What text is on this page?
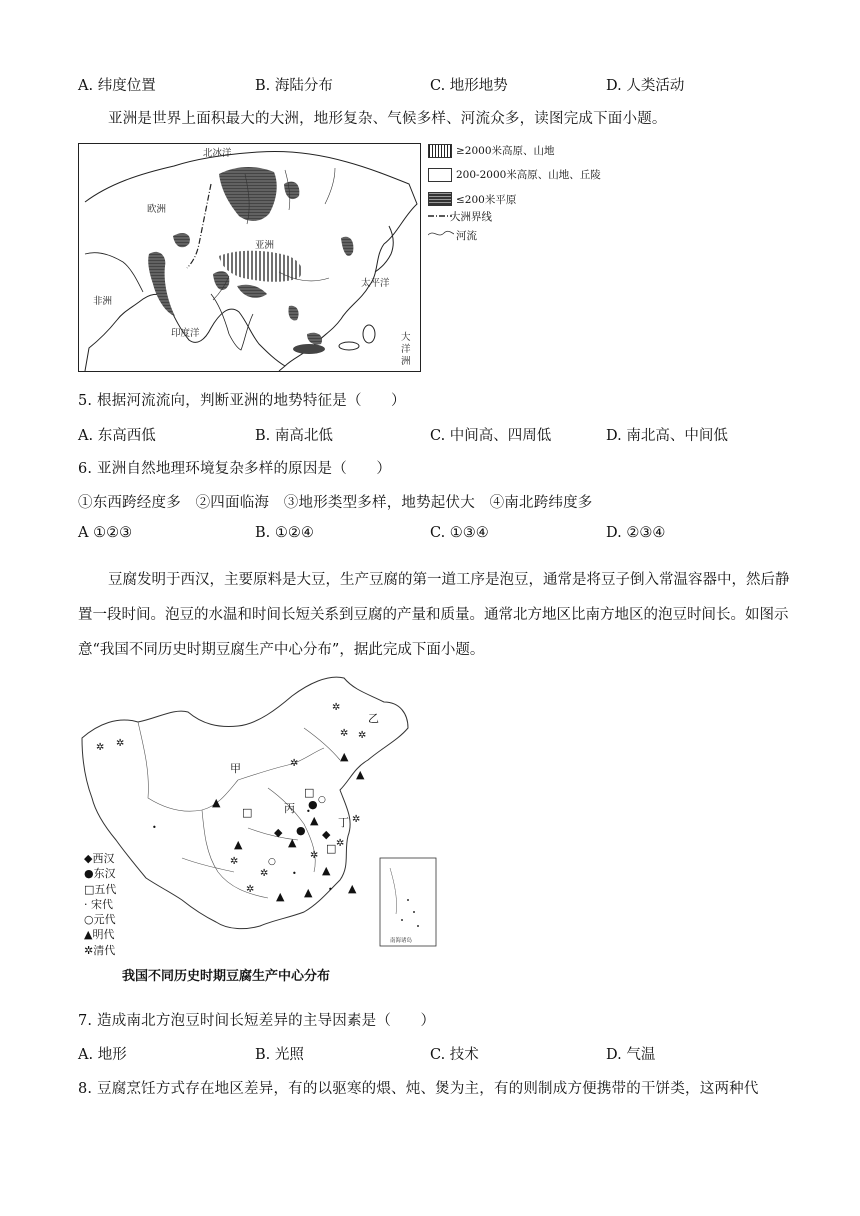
A. 纬度位置	B. 海陆分布	C. 地形地势	D. 人类活动
亚洲是世界上面积最大的大洲，地形复杂、气候多样、河流众多，读图完成下面小题。
北冰洋
欧洲
亚洲
非洲
印度洋
太平洋
大
洋
洲
≥2000米高原、山地
200-2000米高原、山地、丘陵
≤200米平原
大洲界线
河流
5. 根据河流流向，判断亚洲的地势特征是（　　）
A. 东高西低	B. 南高北低	C. 中间高、四周低	D. 南北高、中间低
6. 亚洲自然地理环境复杂多样的原因是（　　）
①东西跨经度多　②四面临海　③地形类型多样，地势起伏大　④南北跨纬度多
A ①②③	B. ①②④	C. ①③④	D. ②③④
豆腐发明于西汉，主要原料是大豆，生产豆腐的第一道工序是泡豆，通常是将豆子倒入常温容器中，然后静置一段时间。泡豆的水温和时间长短关系到豆腐的产量和质量。通常北方地区比南方地区的泡豆时间长。如图示意“我国不同历史时期豆腐生产中心分布”，据此完成下面小题。
南海诸岛
◆	◆
●
●
□
□
□
▲
▲
▲
▲
▲
▲
▲
▲
▲
▲
✲ ✲
✲
✲
✲ ✲
✲
✲
✲
✲
✲
✲
•
•
•
•
○
○
甲
乙
丙
丁
◆西汉
●东汉
□五代
· 宋代
○元代
▲明代
✲清代
我国不同历史时期豆腐生产中心分布
7. 造成南北方泡豆时间长短差异的主导因素是（　　）
A. 地形	B. 光照	C. 技术	D. 气温
8. 豆腐烹饪方式存在地区差异，有的以驱寒的煨、炖、煲为主，有的则制成方便携带的干饼类，这两种代
